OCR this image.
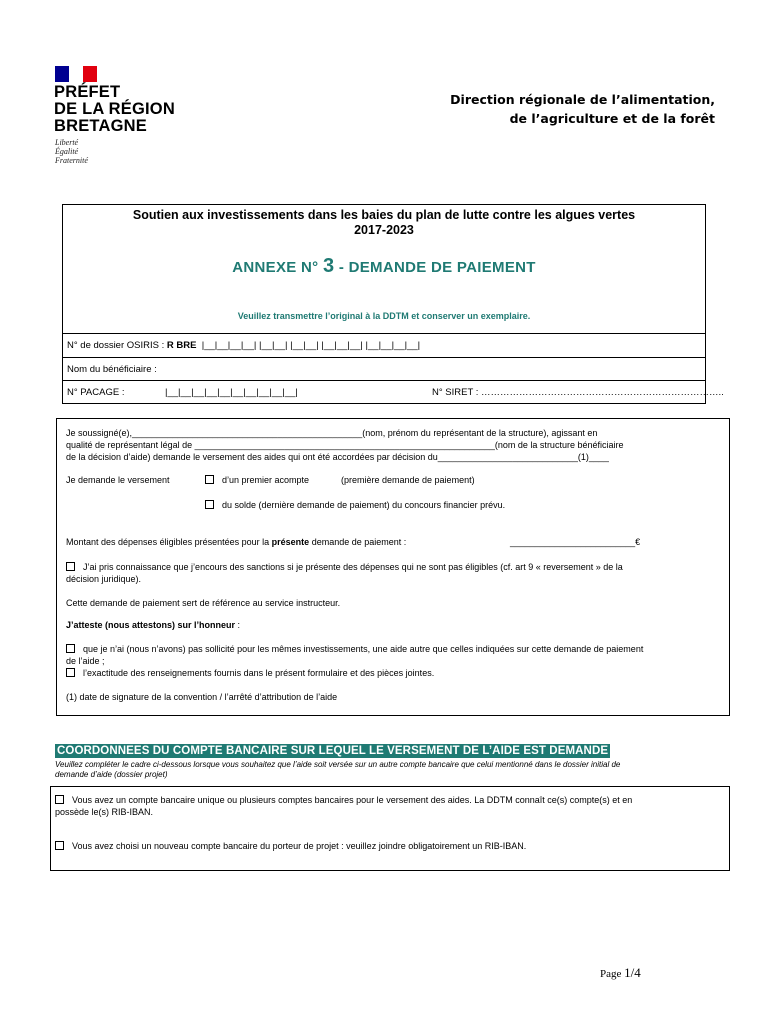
PRÉFET
DE LA RÉGION
BRETAGNE
Liberté
Égalité
Fraternité
Direction régionale de l’alimentation,
de l’agriculture et de la forêt
Soutien aux investissements dans les baies du plan de lutte contre les algues vertes
2017-2023
ANNEXE N° 3 - DEMANDE DE PAIEMENT
Veuillez transmettre l’original à la DDTM et conserver un exemplaire.
N° de dossier OSIRIS : R BRE |__|__|__|__| |__|__| |__|__| |__|__|__| |__|__|__|__|
Nom du bénéficiaire :
N° PACAGE :	|__|__|__|__|__|__|__|__|__|__|	N° SIRET : …………………………………………………………………..
Je soussigné(e),______________________________________________(nom, prénom du représentant de la structure), agissant en
qualité de représentant légal de ____________________________________________________________(nom de la structure bénéficiaire
de la décision d’aide) demande le versement des aides qui ont été accordées par décision du____________________________(1)____
Je demande le versement	d’un premier acompte	(première demande de paiement)
du solde (dernière demande de paiement) du concours financier prévu.
Montant des dépenses éligibles présentées pour la présente demande de paiement :	_________________________€
J’ai pris connaissance que j’encours des sanctions si je présente des dépenses qui ne sont pas éligibles (cf. art 9 « reversement » de la
décision juridique).
Cette demande de paiement sert de référence au service instructeur.
J’atteste (nous attestons) sur l’honneur :
que je n’ai (nous n’avons) pas sollicité pour les mêmes investissements, une aide autre que celles indiquées sur cette demande de paiement
de l’aide ;
l’exactitude des renseignements fournis dans le présent formulaire et des pièces jointes.
(1) date de signature de la convention / l’arrêté d’attribution de l’aide
COORDONNEES DU COMPTE BANCAIRE SUR LEQUEL LE VERSEMENT DE L’AIDE EST DEMANDE
Veuillez compléter le cadre ci-dessous lorsque vous souhaitez que l’aide soit versée sur un autre compte bancaire que celui mentionné dans le dossier initial de
demande d’aide (dossier projet)
Vous avez un compte bancaire unique ou plusieurs comptes bancaires pour le versement des aides. La DDTM connaît ce(s) compte(s) et en
possède le(s) RIB-IBAN.
Vous avez choisi un nouveau compte bancaire du porteur de projet : veuillez joindre obligatoirement un RIB-IBAN.
Page 1/4
